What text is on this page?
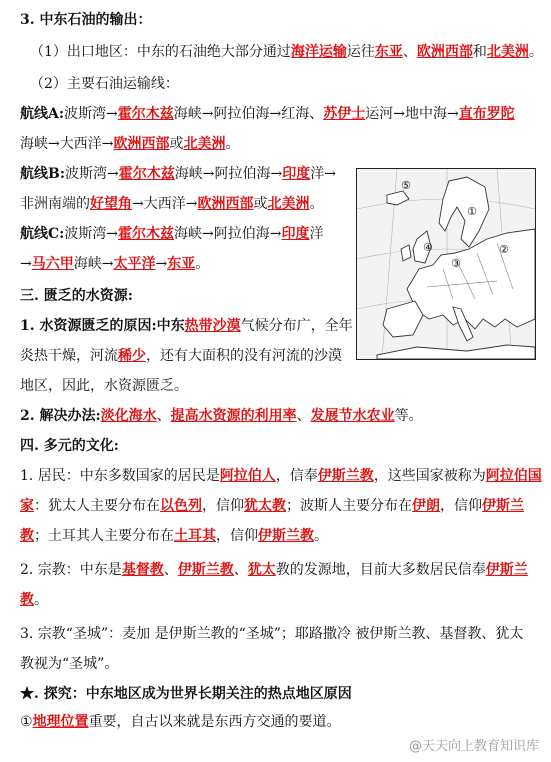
3. 中东石油的输出：
（1）出口地区：中东的石油绝大部分通过海洋运输运往东亚、欧洲西部和北美洲。
（2）主要石油运输线：
航线A:波斯湾→霍尔木兹海峡→阿拉伯海→红海、苏伊士运河→地中海→直布罗陀
海峡→大西洋→欧洲西部或北美洲。
航线B:波斯湾→霍尔木兹海峡→阿拉伯海→印度洋→
非洲南端的好望角→大西洋→欧洲西部或北美洲。
航线C:波斯湾→霍尔木兹海峡→阿拉伯海→印度洋
→马六甲海峡→太平洋→东亚。
三. 匮乏的水资源:
1. 水资源匮乏的原因:中东热带沙漠气候分布广，全年
炎热干燥，河流稀少，还有大面积的没有河流的沙漠
地区，因此，水资源匮乏。
2. 解决办法:淡化海水、提高水资源的利用率、发展节水农业等。
四. 多元的文化:
1. 居民：中东多数国家的居民是阿拉伯人，信奉伊斯兰教，这些国家被称为阿拉伯国
家：犹太人主要分布在以色列，信仰犹太教；波斯人主要分布在伊朗，信仰伊斯兰
教；土耳其人主要分布在土耳其，信仰伊斯兰教。
2. 宗教：中东是基督教、伊斯兰教、犹太教的发源地，目前大多数居民信奉伊斯兰
教。
3. 宗教“圣城”：麦加 是伊斯兰教的“圣城”；耶路撒冷 被伊斯兰教、基督教、犹太
教视为“圣城”。
★. 探究：中东地区成为世界长期关注的热点地区原因
①地理位置重要，自古以来就是东西方交通的要道。
⑤
①
②
③
④
@天天向上教育知识库
